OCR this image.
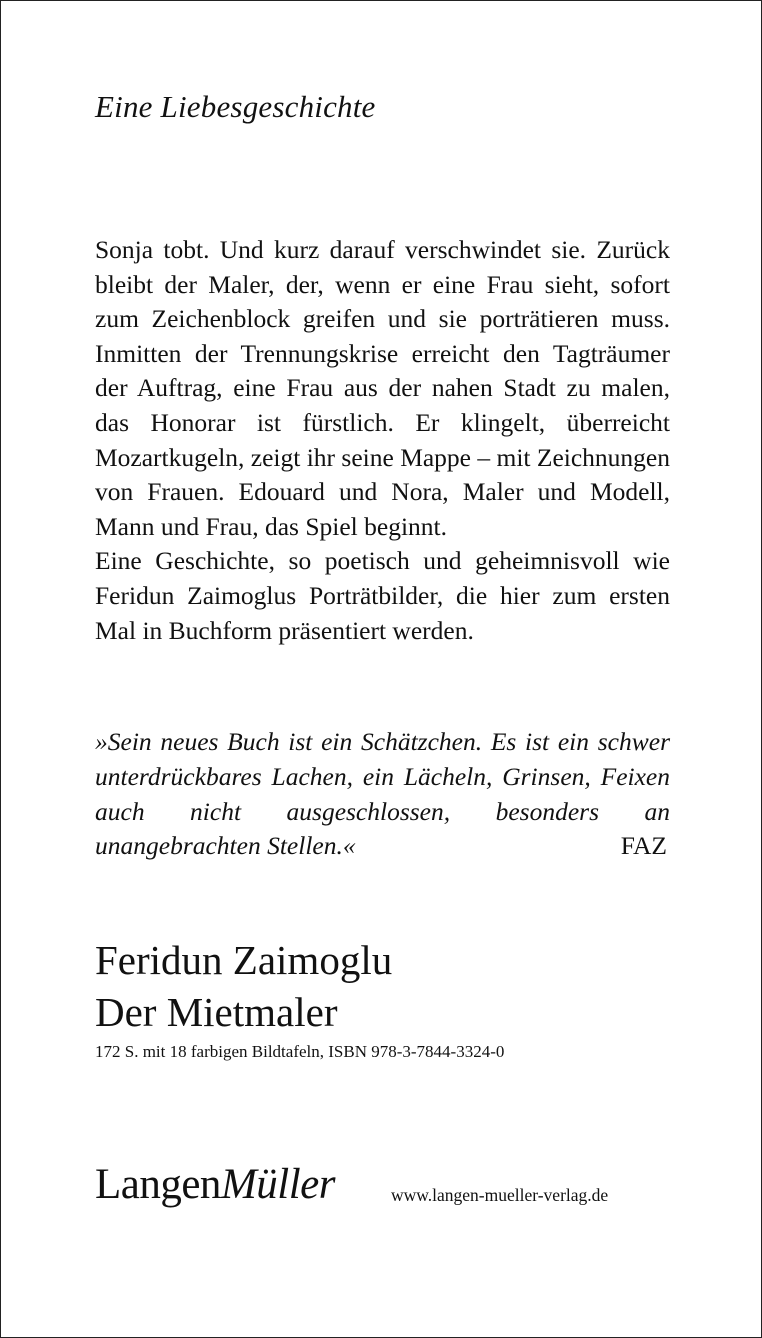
Eine Liebesgeschichte

Sonja tobt. Und kurz darauf verschwindet sie. Zurück bleibt der Maler, der, wenn er eine Frau sieht, sofort zum Zeichenblock greifen und sie porträtieren muss. Inmitten der Trennungskrise erreicht den Tagträumer der Auftrag, eine Frau aus der nahen Stadt zu malen, das Honorar ist fürstlich. Er klingelt, überreicht Mozartkugeln, zeigt ihr seine Mappe – mit Zeichnungen von Frauen. Edouard und Nora, Maler und Modell, Mann und Frau, das Spiel beginnt.

Eine Geschichte, so poetisch und geheimnisvoll wie Feridun Zaimoglus Porträtbilder, die hier zum ersten Mal in Buchform präsentiert werden.

»Sein neues Buch ist ein Schätzchen. Es ist ein schwer unterdrückbares Lachen, ein Lächeln, Grinsen, Feixen auch nicht ausgeschlossen, besonders an unangebrachten Stellen.«	FAZ
Feridun Zaimoglu
Der Mietmaler
172 S. mit 18 farbigen Bildtafeln, ISBN 978-3-7844-3324-0
LangenMüller	www.langen-mueller-verlag.de
